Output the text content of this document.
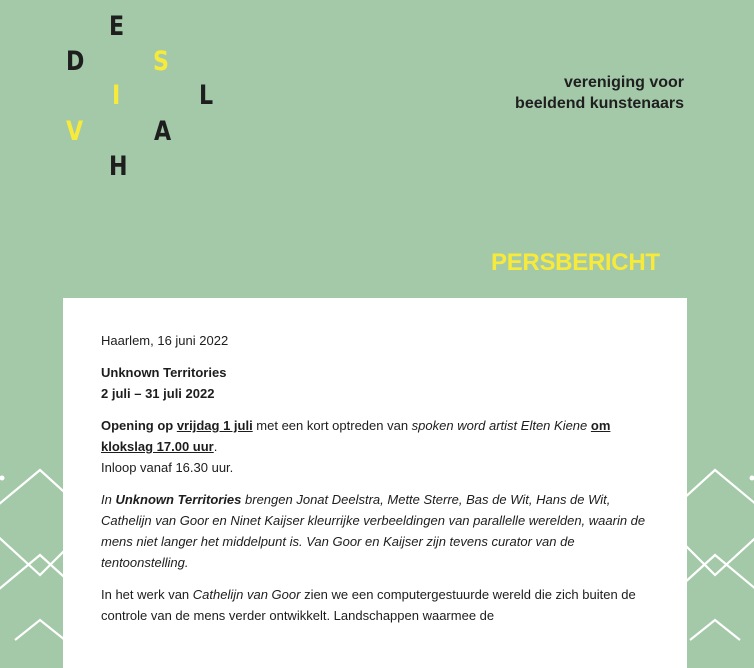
E
D	S
I	L
V	A
H
vereniging voor
beeldend kunstenaars
PERSBERICHT

Haarlem, 16 juni 2022

Unknown Territories
2 juli – 31 juli 2022

Opening op vrijdag 1 juli met een kort optreden van spoken word artist Elten Kiene om klokslag 17.00 uur.
Inloop vanaf 16.30 uur.

In Unknown Territories brengen Jonat Deelstra, Mette Sterre, Bas de Wit, Hans de Wit, Cathelijn van Goor en Ninet Kaijser kleurrijke verbeeldingen van parallelle werelden, waarin de mens niet langer het middelpunt is. Van Goor en Kaijser zijn tevens curator van de tentoonstelling.

In het werk van Cathelijn van Goor zien we een computergestuurde wereld die zich buiten de controle van de mens verder ontwikkelt. Landschappen waarmee de
